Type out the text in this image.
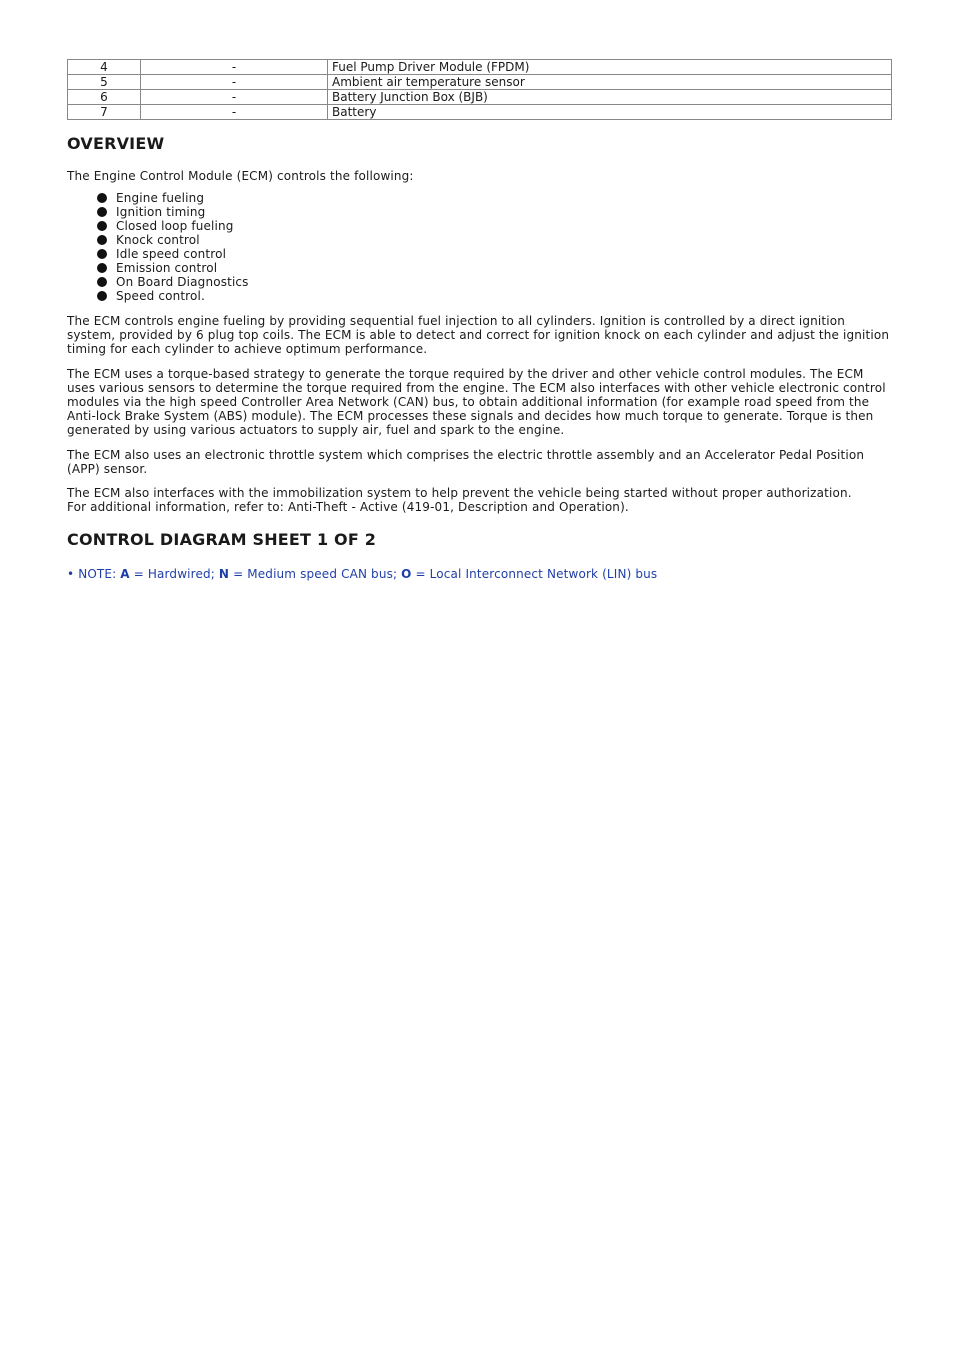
4	-	Fuel Pump Driver Module (FPDM)
5	-	Ambient air temperature sensor
6	-	Battery Junction Box (BJB)
7	-	Battery
OVERVIEW

The Engine Control Module (ECM) controls the following:

Engine fueling
Ignition timing
Closed loop fueling
Knock control
Idle speed control
Emission control
On Board Diagnostics
Speed control.

The ECM controls engine fueling by providing sequential fuel injection to all cylinders. Ignition is controlled by a direct ignition system, provided by 6 plug top coils. The ECM is able to detect and correct for ignition knock on each cylinder and adjust the ignition timing for each cylinder to achieve optimum performance.

The ECM uses a torque-based strategy to generate the torque required by the driver and other vehicle control modules. The ECM uses various sensors to determine the torque required from the engine. The ECM also interfaces with other vehicle electronic control modules via the high speed Controller Area Network (CAN) bus, to obtain additional information (for example road speed from the Anti-lock Brake System (ABS) module). The ECM processes these signals and decides how much torque to generate. Torque is then generated by using various actuators to supply air, fuel and spark to the engine.

The ECM also uses an electronic throttle system which comprises the electric throttle assembly and an Accelerator Pedal Position (APP) sensor.

The ECM also interfaces with the immobilization system to help prevent the vehicle being started without proper authorization.

For additional information, refer to: Anti-Theft - Active (419-01, Description and Operation).

CONTROL DIAGRAM SHEET 1 OF 2
• NOTE: A = Hardwired; N = Medium speed CAN bus; O = Local Interconnect Network (LIN) bus
